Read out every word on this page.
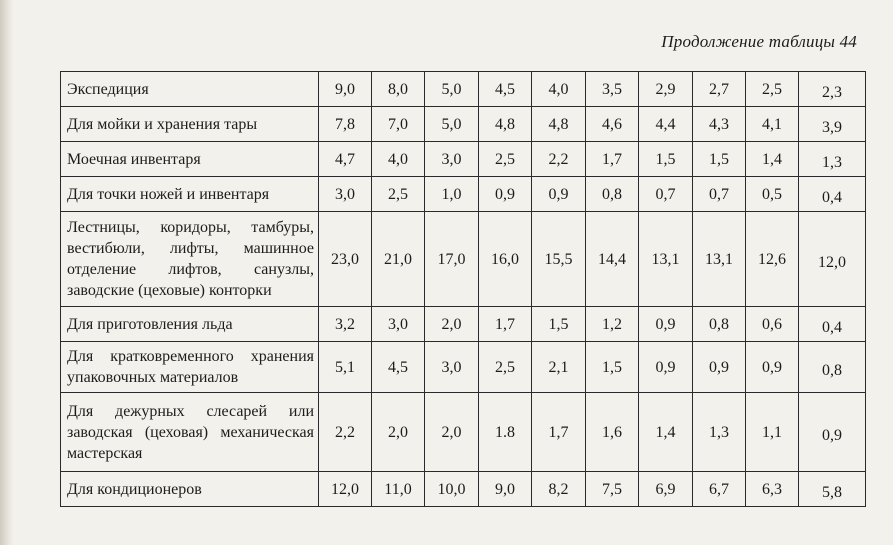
Продолжение таблицы 44
Экспедиция	9,0	8,0	5,0	4,5	4,0	3,5	2,9	2,7	2,5	2,3
Для мойки и хранения тары	7,8	7,0	5,0	4,8	4,8	4,6	4,4	4,3	4,1	3,9
Моечная инвентаря	4,7	4,0	3,0	2,5	2,2	1,7	1,5	1,5	1,4	1,3
Для точки ножей и инвентаря	3,0	2,5	1,0	0,9	0,9	0,8	0,7	0,7	0,5	0,4
Лестницы, коридоры, тамбуры, вестибюли, лифты, машинное отделение лифтов, санузлы, заводские (цеховые) конторки	23,0	21,0	17,0	16,0	15,5	14,4	13,1	13,1	12,6	12,0
Для приготовления льда	3,2	3,0	2,0	1,7	1,5	1,2	0,9	0,8	0,6	0,4
Для кратковременного хранения упаковочных материалов	5,1	4,5	3,0	2,5	2,1	1,5	0,9	0,9	0,9	0,8
Для дежурных слесарей или заводская (цеховая) механическая мастерская	2,2	2,0	2,0	1.8	1,7	1,6	1,4	1,3	1,1	0,9
Для кондиционеров	12,0	11,0	10,0	9,0	8,2	7,5	6,9	6,7	6,3	5,8
